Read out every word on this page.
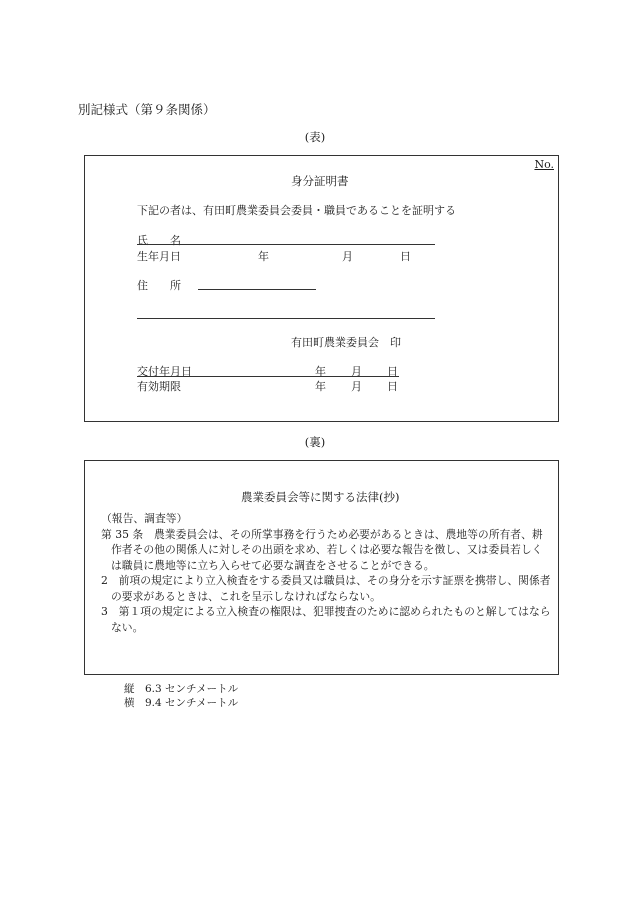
別記様式（第９条関係）
(表)
No.
身分証明書
下記の者は、有田町農業委員会委員・職員であることを証明する
氏　　名
生年月日	年	月	日
住　　所
有田町農業委員会　印
交付年月日	年 月 日
有効期限	年 月 日
(裏)
農業委員会等に関する法律(抄)

（報告、調査等）

第 35 条　農業委員会は、その所掌事務を行うため必要があるときは、農地等の所有者、耕作者その他の関係人に対しその出頭を求め、若しくは必要な報告を徴し、又は委員若しくは職員に農地等に立ち入らせて必要な調査をさせることができる。

2　前項の規定により立入検査をする委員又は職員は、その身分を示す証票を携帯し、関係者の要求があるときは、これを呈示しなければならない。

3　第１項の規定による立入検査の権限は、犯罪捜査のために認められたものと解してはならない。

縦　6.3 センチメートル
横　9.4 センチメートル
